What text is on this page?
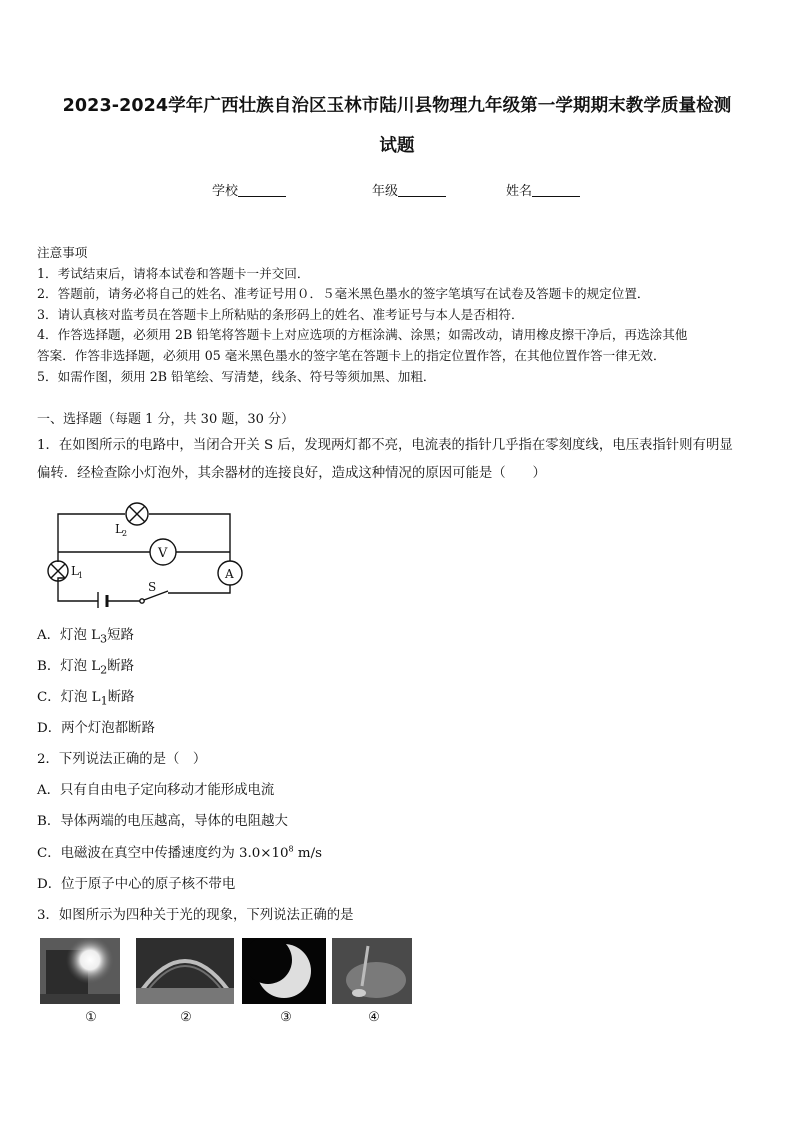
2023-2024学年广西壮族自治区玉林市陆川县物理九年级第一学期期末教学质量检测
试题
学校	年级	姓名

注意事项

1．考试结束后，请将本试卷和答题卡一并交回．

2．答题前，请务必将自己的姓名、准考证号用０．５毫米黑色墨水的签字笔填写在试卷及答题卡的规定位置．

3．请认真核对监考员在答题卡上所粘贴的条形码上的姓名、准考证号与本人是否相符．

4．作答选择题，必须用 2B 铅笔将答题卡上对应选项的方框涂满、涂黑；如需改动，请用橡皮擦干净后，再选涂其他

答案．作答非选择题，必须用 05 毫米黑色墨水的签字笔在答题卡上的指定位置作答，在其他位置作答一律无效．

5．如需作图，须用 2B 铅笔绘、写清楚，线条、符号等须加黑、加粗．

一、选择题（每题 1 分，共 30 题，30 分）

1．在如图所示的电路中，当闭合开关 S 后，发现两灯都不亮，电流表的指针几乎指在零刻度线，电压表指针则有明显

偏转．经检查除小灯泡外，其余器材的连接良好，造成这种情况的原因可能是（　　）

L 2
L 1
V
A
S
A．灯泡 $L_3$短路
B．灯泡 $L_2$断路
C．灯泡 $L_1$断路
D．两个灯泡都断路
2．下列说法正确的是（　）
A．只有自由电子定向移动才能形成电流
B．导体两端的电压越高，导体的电阻越大
C．电磁波在真空中传播速度约为 $3.0\times 10^8$ m/s
D．位于原子中心的原子核不带电
3．如图所示为四种关于光的现象，下列说法正确的是
①	②	③	④
